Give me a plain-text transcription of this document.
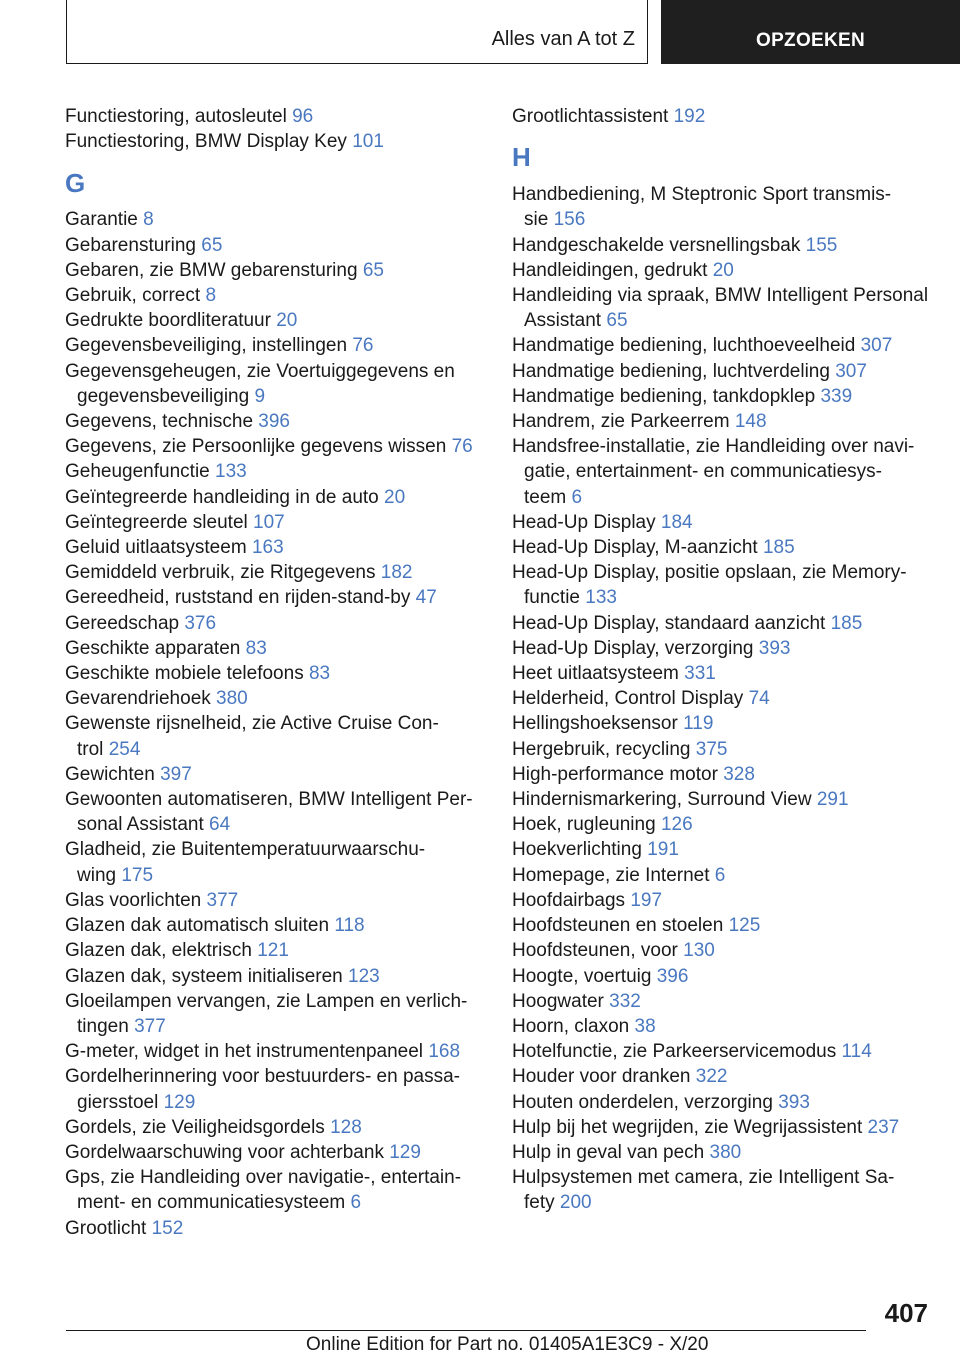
Alles van A tot Z	OPZOEKEN
Functiestoring, autosleutel 96
Functiestoring, BMW Display Key 101
G
Garantie 8
Gebarensturing 65
Gebaren, zie BMW gebarensturing 65
Gebruik, correct 8
Gedrukte boordliteratuur 20
Gegevensbeveiliging, instellingen 76
Gegevensgeheugen, zie Voertuiggegevens en
gegevensbeveiliging 9
Gegevens, technische 396
Gegevens, zie Persoonlijke gegevens wissen 76
Geheugenfunctie 133
Geïntegreerde handleiding in de auto 20
Geïntegreerde sleutel 107
Geluid uitlaatsysteem 163
Gemiddeld verbruik, zie Ritgegevens 182
Gereedheid, ruststand en rijden-stand-by 47
Gereedschap 376
Geschikte apparaten 83
Geschikte mobiele telefoons 83
Gevarendriehoek 380
Gewenste rijsnelheid, zie Active Cruise Con-
trol 254
Gewichten 397
Gewoonten automatiseren, BMW Intelligent Per-
sonal Assistant 64
Gladheid, zie Buitentemperatuurwaarschu-
wing 175
Glas voorlichten 377
Glazen dak automatisch sluiten 118
Glazen dak, elektrisch 121
Glazen dak, systeem initialiseren 123
Gloeilampen vervangen, zie Lampen en verlich-
tingen 377
G-meter, widget in het instrumentenpaneel 168
Gordelherinnering voor bestuurders- en passa-
giersstoel 129
Gordels, zie Veiligheidsgordels 128
Gordelwaarschuwing voor achterbank 129
Gps, zie Handleiding over navigatie-, entertain-
ment- en communicatiesysteem 6
Grootlicht 152
Grootlichtassistent 192
H
Handbediening, M Steptronic Sport transmis-
sie 156
Handgeschakelde versnellingsbak 155
Handleidingen, gedrukt 20
Handleiding via spraak, BMW Intelligent Personal
Assistant 65
Handmatige bediening, luchthoeveelheid 307
Handmatige bediening, luchtverdeling 307
Handmatige bediening, tankdopklep 339
Handrem, zie Parkeerrem 148
Handsfree-installatie, zie Handleiding over navi-
gatie, entertainment- en communicatiesys-
teem 6
Head-Up Display 184
Head-Up Display, M-aanzicht 185
Head-Up Display, positie opslaan, zie Memory-
functie 133
Head-Up Display, standaard aanzicht 185
Head-Up Display, verzorging 393
Heet uitlaatsysteem 331
Helderheid, Control Display 74
Hellingshoeksensor 119
Hergebruik, recycling 375
High-performance motor 328
Hindernismarkering, Surround View 291
Hoek, rugleuning 126
Hoekverlichting 191
Homepage, zie Internet 6
Hoofdairbags 197
Hoofdsteunen en stoelen 125
Hoofdsteunen, voor 130
Hoogte, voertuig 396
Hoogwater 332
Hoorn, claxon 38
Hotelfunctie, zie Parkeerservicemodus 114
Houder voor dranken 322
Houten onderdelen, verzorging 393
Hulp bij het wegrijden, zie Wegrijassistent 237
Hulp in geval van pech 380
Hulpsystemen met camera, zie Intelligent Sa-
fety 200
407
Online Edition for Part no. 01405A1E3C9 - X/20
